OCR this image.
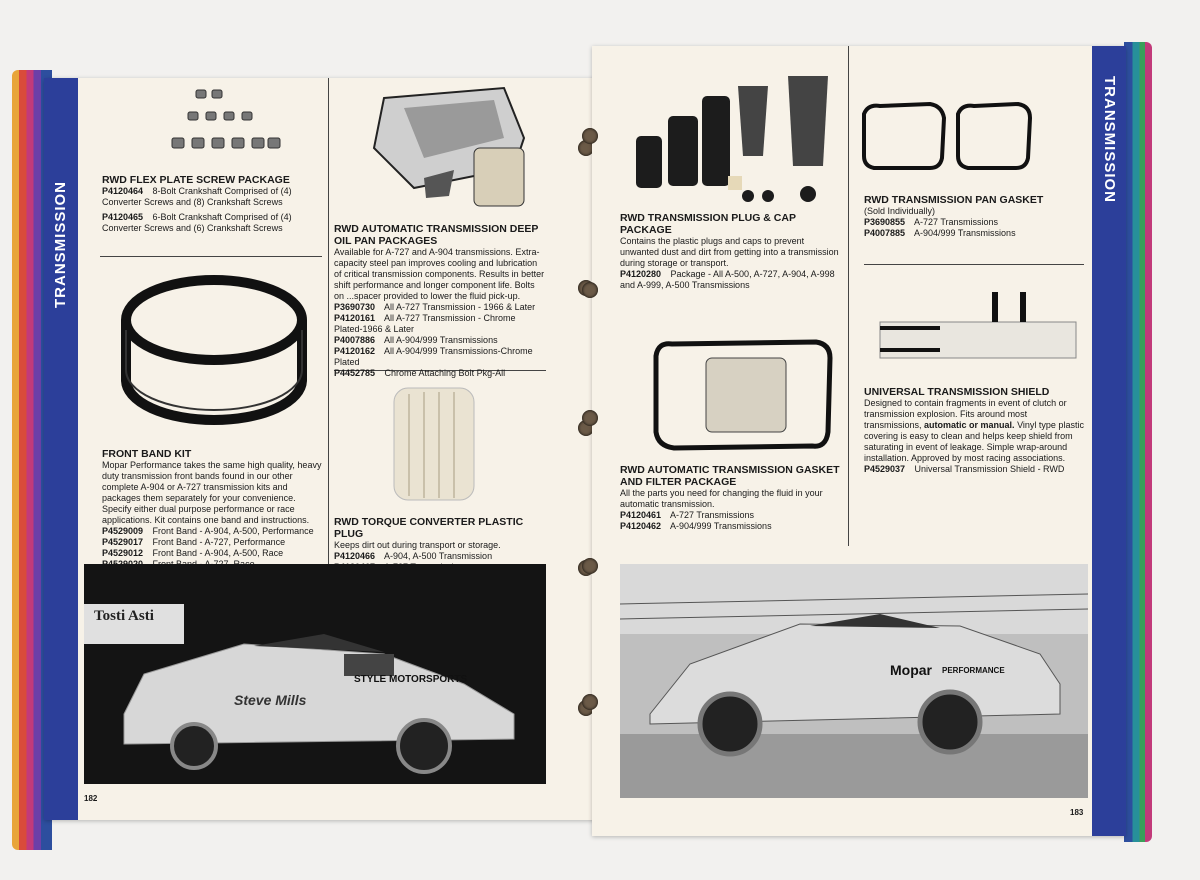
TRANSMISSION
RWD FLEX PLATE SCREW PACKAGE
P4120464 8-Bolt Crankshaft Comprised of (4) Converter Screws and (8) Crankshaft Screws
P4120465 6-Bolt Crankshaft Comprised of (4) Converter Screws and (6) Crankshaft Screws	RWD AUTOMATIC TRANSMISSION DEEP OIL PAN PACKAGES
Available for A-727 and A-904 transmissions. Extra-capacity steel pan improves cooling and lubrication of critical transmission components. Results in better shift performance and longer component life. Bolts on ...spacer provided to lower the fluid pick-up.
P3690730 All A-727 Transmission - 1966 & Later
P4120161 All A-727 Transmission - Chrome Plated-1966 & Later
P4007886 All A-904/999 Transmissions
P4120162 All A-904/999 Transmissions-Chrome Plated
P4452785 Chrome Attaching Bolt Pkg-All
FRONT BAND KIT
Mopar Performance takes the same high quality, heavy duty transmission front bands found in our other complete A-904 or A-727 transmission kits and packages them separately for your convenience. Specify either dual purpose performance or race applications. Kit contains one band and instructions.
P4529009 Front Band - A-904, A-500, Performance
P4529017 Front Band - A-727, Performance
P4529012 Front Band - A-904, A-500, Race
RWD TORQUE CONVERTER PLASTIC PLUG
Keeps dirt out during transport or storage.
P4120466 A-904, A-500 Transmission
Tosti Asti
Steve Mills
STYLE MOTORSPORTS
182
TRANSMISSION
RWD TRANSMISSION PLUG & CAP PACKAGE
Contains the plastic plugs and caps to prevent unwanted dust and dirt from getting into a transmission during storage or transport.
P4120280 Package - All A-500, A-727, A-904, A-998 and A-999, A-500 Transmissions
RWD TRANSMISSION PAN GASKET
(Sold Individually)
P3690855 A-727 Transmissions
P4007885 A-904/999 Transmissions
RWD AUTOMATIC TRANSMISSION GASKET AND FILTER PACKAGE
All the parts you need for changing the fluid in your automatic transmission.
P4120461 A-727 Transmissions
P4120462 A-904/999 Transmissions
UNIVERSAL TRANSMISSION SHIELD
Designed to contain fragments in event of clutch or transmission explosion. Fits around most transmissions, automatic or manual. Vinyl type plastic covering is easy to clean and helps keep shield from saturating in event of leakage. Simple wrap-around installation. Approved by most racing associations.
P4529037 Universal Transmission Shield - RWD
Mopar PERFORMANCE
183
